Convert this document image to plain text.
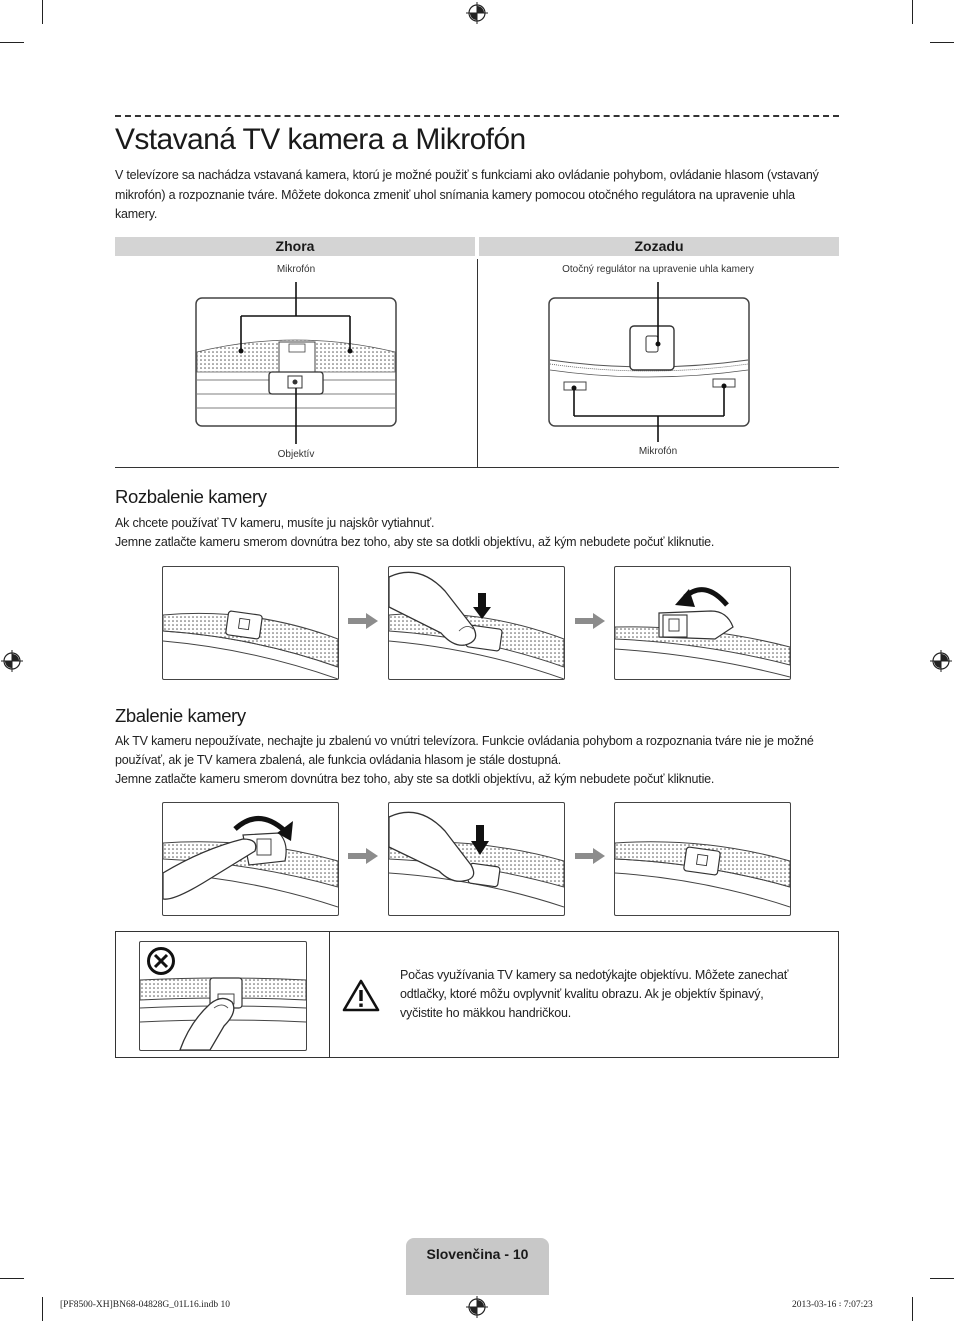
Vstavaná TV kamera a Mikrofón
V televízore sa nachádza vstavaná kamera, ktorú je možné použiť s funkciami ako ovládanie pohybom, ovládanie hlasom (vstavaný
mikrofón) a rozpoznanie tváre. Môžete dokonca zmeniť uhol snímania kamery pomocou otočného regulátora na upravenie uhla
kamery.
Zhora	Zozadu
Mikrofón
Objektív
Otočný regulátor na upravenie uhla kamery
Mikrofón
Rozbalenie kamery
Ak chcete používať TV kameru, musíte ju najskôr vytiahnuť.
Jemne zatlačte kameru smerom dovnútra bez toho, aby ste sa dotkli objektívu, až kým nebudete počuť kliknutie.
Zbalenie kamery
Ak TV kameru nepoužívate, nechajte ju zbalenú vo vnútri televízora. Funkcie ovládania pohybom a rozpoznania tváre nie je možné
používať, ak je TV kamera zbalená, ale funkcia ovládania hlasom je stále dostupná.
Jemne zatlačte kameru smerom dovnútra bez toho, aby ste sa dotkli objektívu, až kým nebudete počuť kliknutie.
Počas využívania TV kamery sa nedotýkajte objektívu. Môžete zanechať
odtlačky, ktoré môžu ovplyvniť kvalitu obrazu. Ak je objektív špinavý,
vyčistite ho mäkkou handričkou.
Slovenčina - 10
[PF8500-XH]BN68-04828G_01L16.indb 10	2013-03-16 ꞉ 7:07:23
